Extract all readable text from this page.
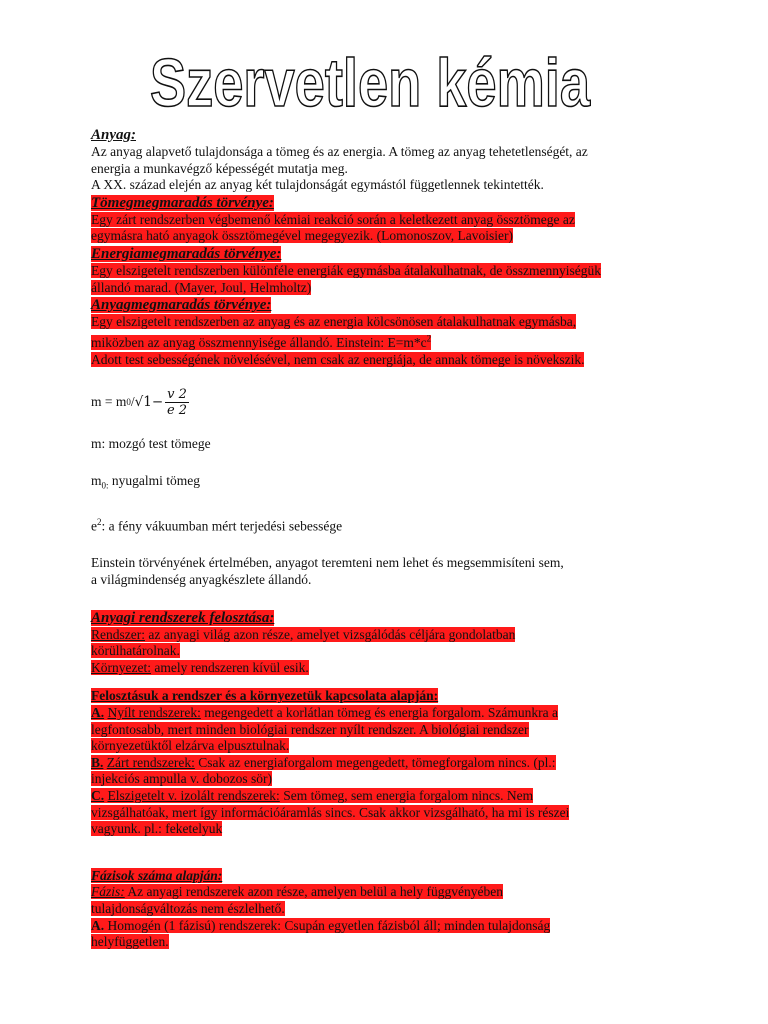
Szervetlen kémia

Anyag:

Az anyag alapvető tulajdonsága a tömeg és az energia. A tömeg az anyag tehetetlenségét, az

energia a munkavégző képességét mutatja meg.

A XX. század elején az anyag két tulajdonságát egymástól függetlennek tekintették.

Tömegmegmaradás törvénye:

Egy zárt rendszerben végbemenő kémiai reakció során a keletkezett anyag össztömege az

egymásra ható anyagok össztömegével megegyezik. (Lomonoszov, Lavoisier)

Energiamegmaradás törvénye:

Egy elszigetelt rendszerben különféle energiák egymásba átalakulhatnak, de összmennyiségük

állandó marad. (Mayer, Joul, Helmholtz)

Anyagmegmaradás törvénye:

Egy elszigetelt rendszerben az anyag és az energia kölcsönösen átalakulhatnak egymásba,

miközben az anyag összmennyisége állandó. Einstein: $E=m*c^2$

Adott test sebességének növelésével, nem csak az energiája, de annak tömege is növekszik.

m = m $0 / √1- \frac{v 2}{e 2}$

m: mozgó test tömege

$m_{0:}$ nyugalmi tömeg

$e^2$: a fény vákuumban mért terjedési sebessége

Einstein törvényének értelmében, anyagot teremteni nem lehet és megsemmisíteni sem,

a világmindenség anyagkészlete állandó.

Anyagi rendszerek felosztása:

Rendszer: az anyagi világ azon része, amelyet vizsgálódás céljára gondolatban

körülhatárolnak.

Környezet: amely rendszeren kívül esik.

Felosztásuk a rendszer és a környezetük kapcsolata alapján:

A. Nyílt rendszerek: megengedett a korlátlan tömeg és energia forgalom. Számunkra a

legfontosabb, mert minden biológiai rendszer nyílt rendszer. A biológiai rendszer

környezetüktől elzárva elpusztulnak.

B. Zárt rendszerek: Csak az energiaforgalom megengedett, tömegforgalom nincs. (pl.:

injekciós ampulla v. dobozos sör)

C. Elszigetelt v. izolált rendszerek: Sem tömeg, sem energia forgalom nincs. Nem

vizsgálhatóak, mert így információáramlás sincs. Csak akkor vizsgálható, ha mi is részei

vagyunk. pl.: feketelyuk

Fázisok száma alapján:

Fázis: Az anyagi rendszerek azon része, amelyen belül a hely függvényében

tulajdonságváltozás nem észlelhető.

A. Homogén (1 fázisú) rendszerek: Csupán egyetlen fázisból áll; minden tulajdonság

helyfüggetlen.
